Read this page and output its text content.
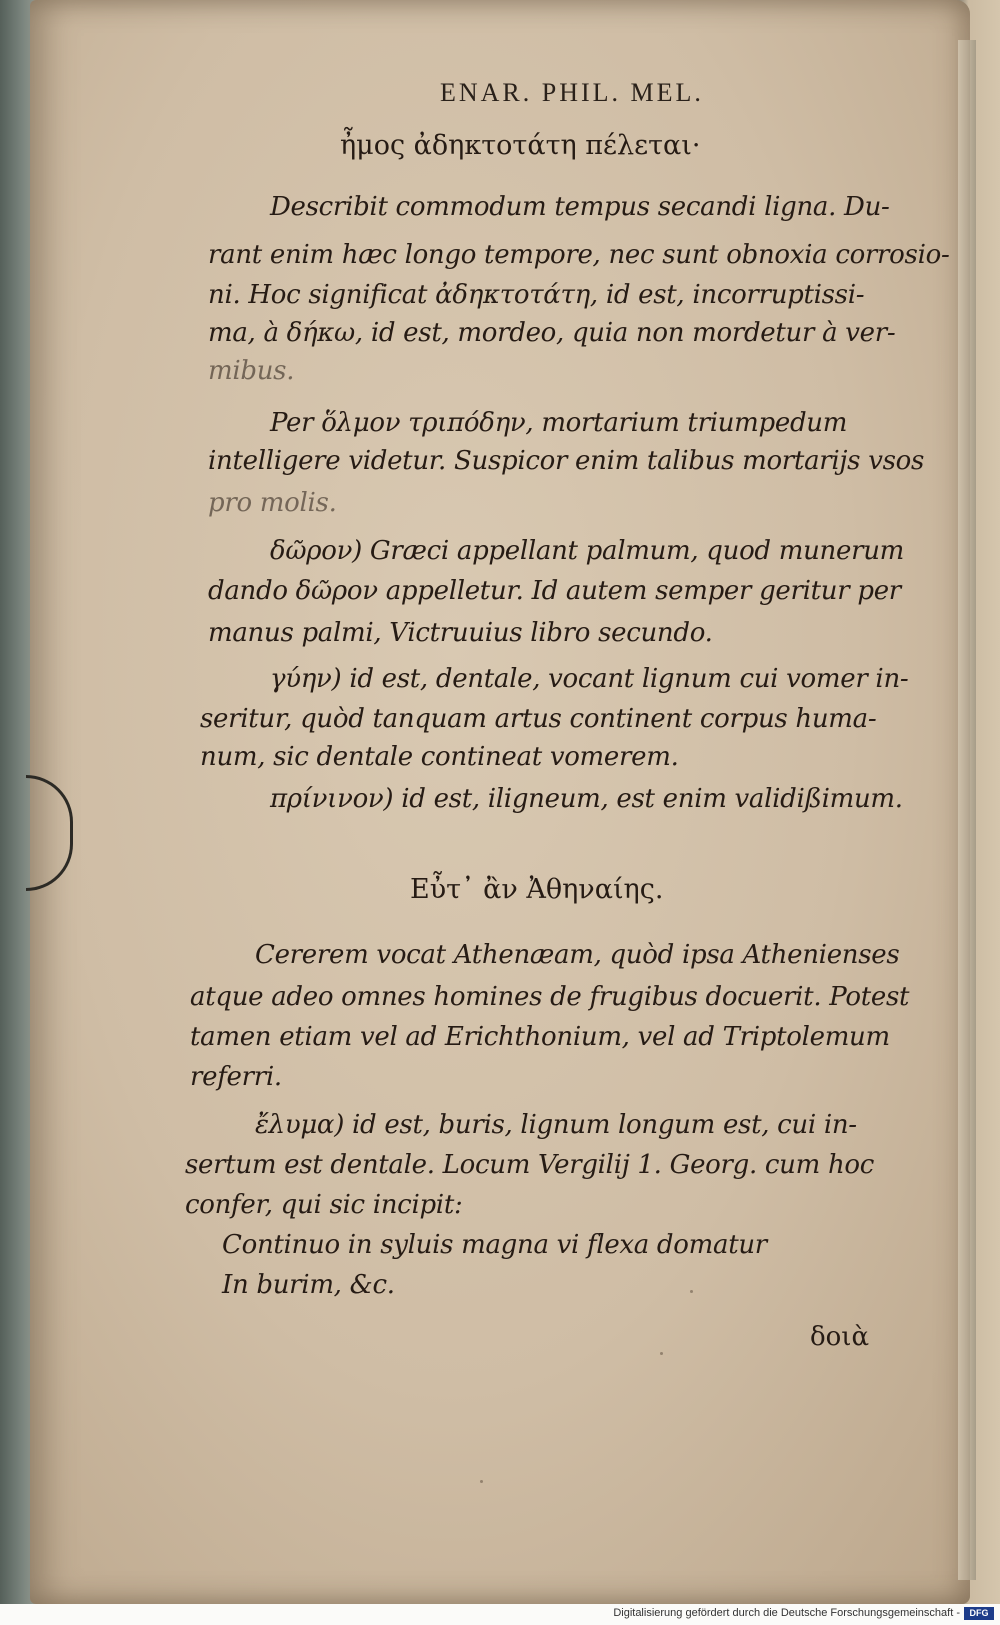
ENAR. PHIL. MEL.
ἦμος ἀδηκτοτάτη πέλεται·
Describit commodum tempus secandi ligna. Du-
rant enim hæc longo tempore, nec sunt obnoxia corrosio-
ni. Hoc significat ἀδηκτοτάτη, id est, incorruptissi-
ma, à δήκω, id est, mordeo, quia non mordetur à ver-
mibus.
Per ὅλμον τριπόδην, mortarium triumpedum
intelligere videtur. Suspicor enim talibus mortarijs vsos
pro molis.
δῶρον) Græci appellant palmum, quod munerum
dando δῶρον appelletur. Id autem semper geritur per
manus palmi, Victruuius libro secundo.
γύην) id est, dentale, vocant lignum cui vomer in-
seritur, quòd tanquam artus continent corpus huma-
num, sic dentale contineat vomerem.
πρίνινον) id est, iligneum, est enim validißimum.
Εὖτ᾽ ἂν Ἀθηναίης.
Cererem vocat Athenæam, quòd ipsa Athenienses
atque adeo omnes homines de frugibus docuerit. Potest
tamen etiam vel ad Erichthonium, vel ad Triptolemum
referri.
ἔλυμα) id est, buris, lignum longum est, cui in-
sertum est dentale. Locum Vergilij 1. Georg. cum hoc
confer, qui sic incipit:
Continuo in syluis magna vi flexa domatur
In burim, &c.
δοιὰ
Digitalisierung gefördert durch die Deutsche Forschungsgemeinschaft -	DFG
